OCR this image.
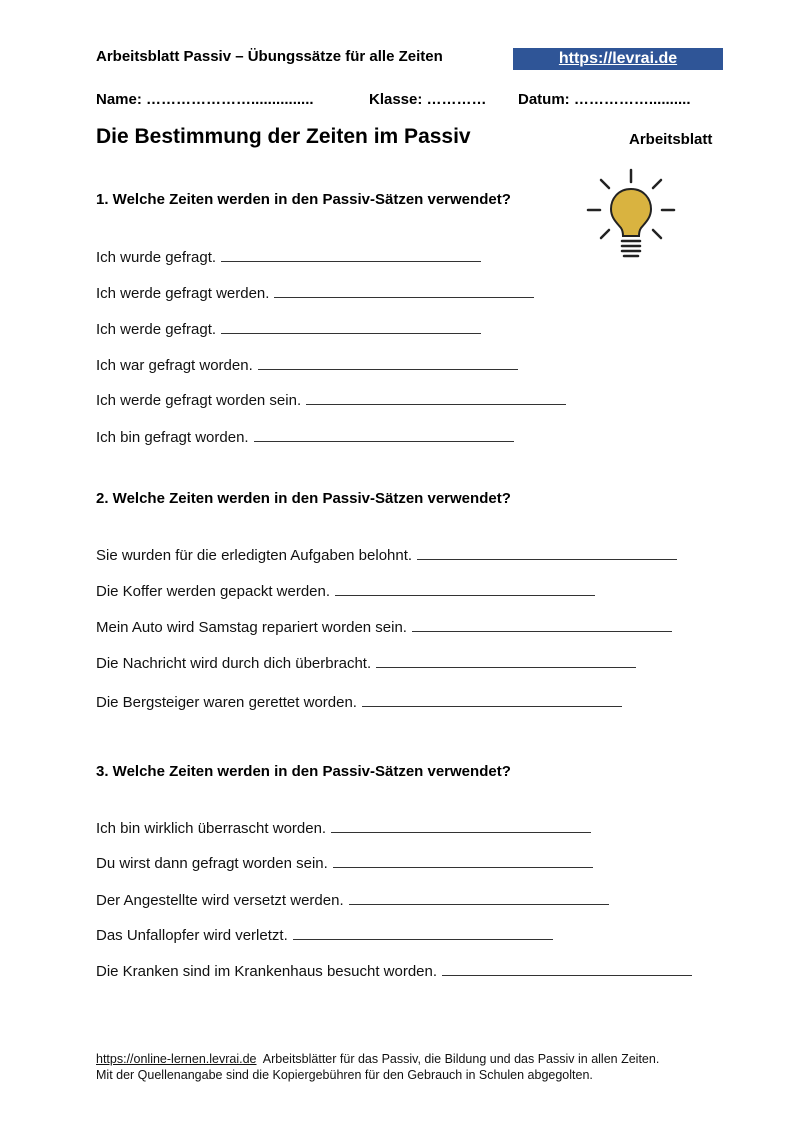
Arbeitsblatt Passiv – Übungssätze für alle Zeiten	https://levrai.de
Name: …………………...............	Klasse: ………… Datum: ……………..........
Die Bestimmung der Zeiten im Passiv	Arbeitsblatt
1. Welche Zeiten werden in den Passiv-Sätzen verwendet?
Ich wurde gefragt.
Ich werde gefragt werden.
Ich werde gefragt.
Ich war gefragt worden.
Ich werde gefragt worden sein.
Ich bin gefragt worden.
2. Welche Zeiten werden in den Passiv-Sätzen verwendet?
Sie wurden für die erledigten Aufgaben belohnt.
Die Koffer werden gepackt werden.
Mein Auto wird Samstag repariert worden sein.
Die Nachricht wird durch dich überbracht.
Die Bergsteiger waren gerettet worden.
3. Welche Zeiten werden in den Passiv-Sätzen verwendet?
Ich bin wirklich überrascht worden.
Du wirst dann gefragt worden sein.
Der Angestellte wird versetzt werden.
Das Unfallopfer wird verletzt.
Die Kranken sind im Krankenhaus besucht worden.
https://online-lernen.levrai.de Arbeitsblätter für das Passiv, die Bildung und das Passiv in allen Zeiten.
Mit der Quellenangabe sind die Kopiergebühren für den Gebrauch in Schulen abgegolten.
